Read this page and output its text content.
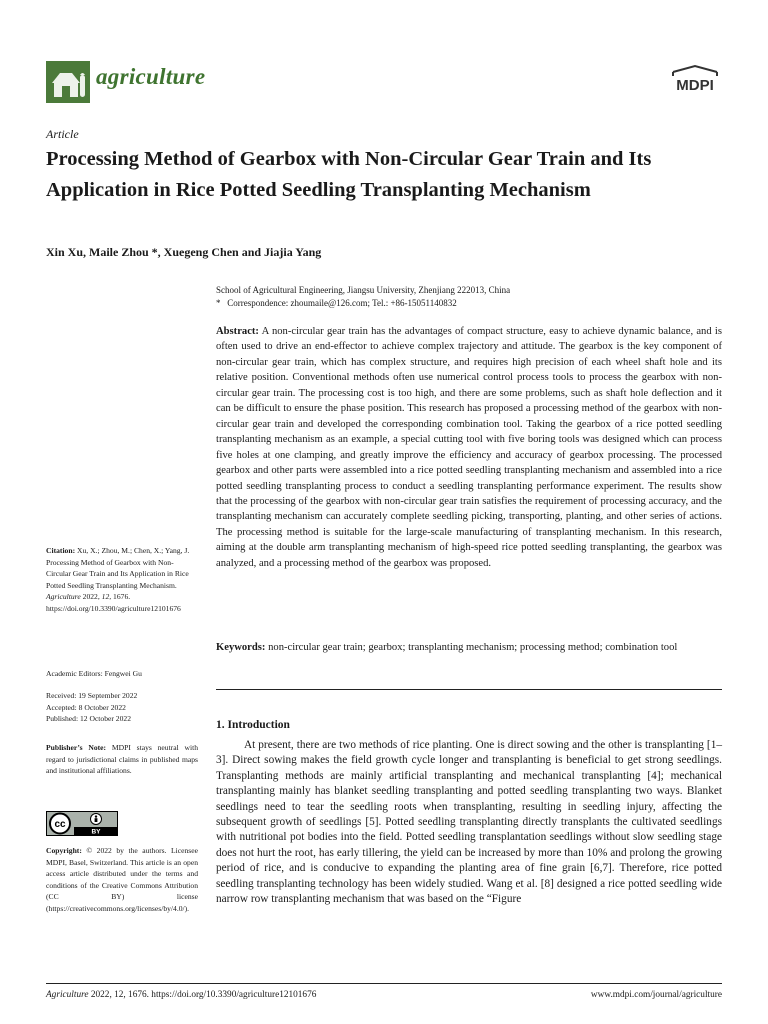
agriculture	MDPI
Article
Processing Method of Gearbox with Non-Circular Gear Train and Its Application in Rice Potted Seedling Transplanting Mechanism
Xin Xu, Maile Zhou *, Xuegeng Chen and Jiajia Yang
School of Agricultural Engineering, Jiangsu University, Zhenjiang 222013, China
* Correspondence: zhoumaile@126.com; Tel.: +86-15051140832
Abstract: A non-circular gear train has the advantages of compact structure, easy to achieve dynamic balance, and is often used to drive an end-effector to achieve complex trajectory and attitude. The gearbox is the key component of non-circular gear train, which has complex structure, and requires high precision of each wheel shaft hole and its relative position. Conventional methods often use numerical control process tools to process the gearbox with non-circular gear train. The processing cost is too high, and there are some problems, such as shaft hole deflection and it can be difficult to ensure the phase position. This research has proposed a processing method of the gearbox with non-circular gear train and developed the corresponding combination tool. Taking the gearbox of a rice potted seedling transplanting mechanism as an example, a special cutting tool with five boring tools was designed which can process five holes at one clamping, and greatly improve the efficiency and accuracy of gearbox processing. The processed gearbox and other parts were assembled into a rice potted seedling transplanting mechanism and assembled into a rice potted seedling transplanting process to conduct a seedling transplanting performance experiment. The results show that the processing of the gearbox with non-circular gear train satisfies the requirement of processing accuracy, and the transplanting mechanism can accurately complete seedling picking, transporting, planting, and other series of actions. The processing method is suitable for the large-scale manufacturing of transplanting mechanism. In this research, aiming at the double arm transplanting mechanism of high-speed rice potted seedling transplanting, the gearbox was analyzed, and a processing method of the gearbox was proposed.
Keywords: non-circular gear train; gearbox; transplanting mechanism; processing method; combination tool
1. Introduction
At present, there are two methods of rice planting. One is direct sowing and the other is transplanting [1–3]. Direct sowing makes the field growth cycle longer and transplanting is beneficial to get strong seedlings. Transplanting methods are mainly artificial transplanting and mechanical transplanting [4]; mechanical transplanting mainly has blanket seedling transplanting and potted seedling transplanting two ways. Blanket seedlings need to tear the seedling roots when transplanting, resulting in seedling injury, affecting the subsequent growth of seedlings [5]. Potted seedling transplanting directly transplants the cultivated seedlings with nutritional pot bodies into the field. Potted seedling transplantation seedlings without slow seedling stage does not hurt the root, has early tillering, the yield can be increased by more than 10% and prolong the growing period of rice, and is conducive to expanding the planting area of fine grain [6,7]. Therefore, rice potted seedling transplanting technology has been widely studied. Wang et al. [8] designed a rice potted seedling wide narrow row transplanting mechanism that was based on the “Figure
Citation: Xu, X.; Zhou, M.; Chen, X.; Yang, J. Processing Method of Gearbox with Non-Circular Gear Train and Its Application in Rice Potted Seedling Transplanting Mechanism. Agriculture 2022, 12, 1676. https://doi.org/10.3390/agriculture12101676
Academic Editors: Fengwei Gu
Received: 19 September 2022
Accepted: 8 October 2022
Published: 12 October 2022
Publisher’s Note: MDPI stays neutral with regard to jurisdictional claims in published maps and institutional affiliations.
cc
BY
Copyright: © 2022 by the authors. Licensee MDPI, Basel, Switzerland. This article is an open access article distributed under the terms and conditions of the Creative Commons Attribution (CC BY) license (https://creativecommons.org/licenses/by/4.0/).
Agriculture 2022, 12, 1676. https://doi.org/10.3390/agriculture12101676	www.mdpi.com/journal/agriculture
